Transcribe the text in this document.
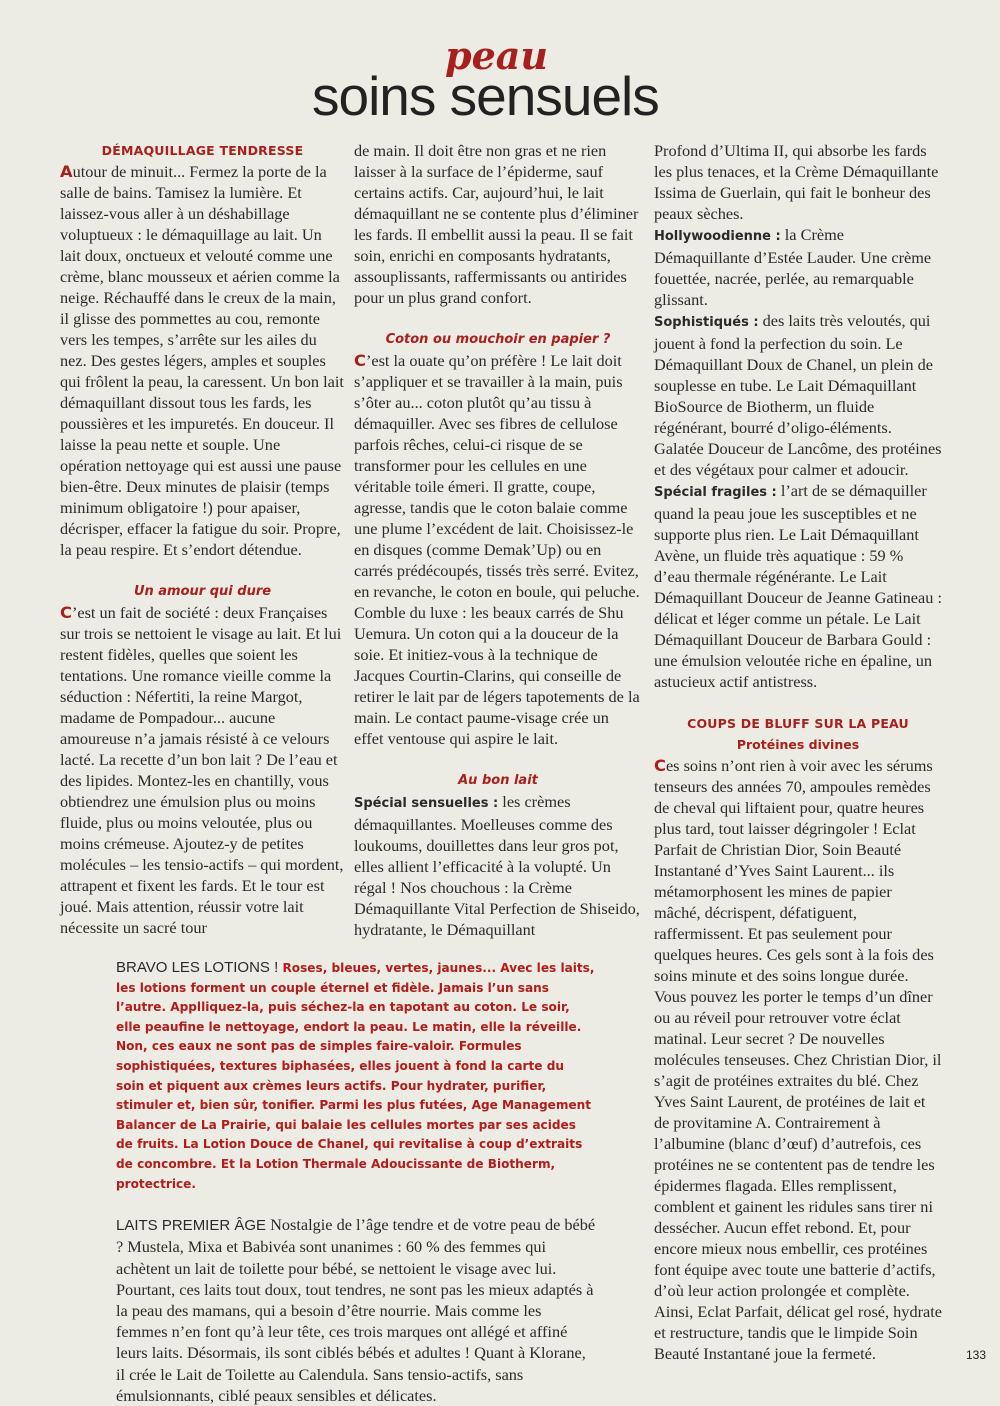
peau
soins sensuels

DÉMAQUILLAGE TENDRESSE

Autour de minuit... Fermez la porte de la salle de bains. Tamisez la lumière. Et laissez-vous aller à un déshabillage voluptueux : le démaquillage au lait. Un lait doux, onctueux et velouté comme une crème, blanc mousseux et aérien comme la neige. Réchauffé dans le creux de la main, il glisse des pommettes au cou, remonte vers les tempes, s’arrête sur les ailes du nez. Des gestes légers, amples et souples qui frôlent la peau, la caressent. Un bon lait démaquillant dissout tous les fards, les poussières et les impuretés. En douceur. Il laisse la peau nette et souple. Une opération nettoyage qui est aussi une pause bien-être. Deux minutes de plaisir (temps minimum obligatoire !) pour apaiser, décrisper, effacer la fatigue du soir. Propre, la peau respire. Et s’endort détendue.

Un amour qui dure

C’est un fait de société : deux Françaises sur trois se nettoient le visage au lait. Et lui restent fidèles, quelles que soient les tentations. Une romance vieille comme la séduction : Néfertiti, la reine Margot, madame de Pompadour... aucune amoureuse n’a jamais résisté à ce velours lacté. La recette d’un bon lait ? De l’eau et des lipides. Montez-les en chantilly, vous obtiendrez une émulsion plus ou moins fluide, plus ou moins veloutée, plus ou moins crémeuse. Ajoutez-y de petites molécules – les tensio-actifs – qui mordent, attrapent et fixent les fards. Et le tour est joué. Mais attention, réussir votre lait nécessite un sacré tour

de main. Il doit être non gras et ne rien laisser à la surface de l’épiderme, sauf certains actifs. Car, aujourd’hui, le lait démaquillant ne se contente plus d’éliminer les fards. Il embellit aussi la peau. Il se fait soin, enrichi en composants hydratants, assouplissants, raffermissants ou antirides pour un plus grand confort.

Coton ou mouchoir en papier ?

C’est la ouate qu’on préfère ! Le lait doit s’appliquer et se travailler à la main, puis s’ôter au... coton plutôt qu’au tissu à démaquiller. Avec ses fibres de cellulose parfois rêches, celui-ci risque de se transformer pour les cellules en une véritable toile émeri. Il gratte, coupe, agresse, tandis que le coton balaie comme une plume l’excédent de lait. Choisissez-le en disques (comme Demak’Up) ou en carrés prédécoupés, tissés très serré. Evitez, en revanche, le coton en boule, qui peluche. Comble du luxe : les beaux carrés de Shu Uemura. Un coton qui a la douceur de la soie. Et initiez-vous à la technique de Jacques Courtin-Clarins, qui conseille de retirer le lait par de légers tapotements de la main. Le contact paume-visage crée un effet ventouse qui aspire le lait.

Au bon lait

Spécial sensuelles : les crèmes démaquillantes. Moelleuses comme des loukoums, douillettes dans leur gros pot, elles allient l’efficacité à la volupté. Un régal ! Nos chouchous : la Crème Démaquillante Vital Perfection de Shiseido, hydratante, le Démaquillant

Profond d’Ultima II, qui absorbe les fards les plus tenaces, et la Crème Démaquillante Issima de Guerlain, qui fait le bonheur des peaux sèches.

Hollywoodienne : la Crème Démaquillante d’Estée Lauder. Une crème fouettée, nacrée, perlée, au remarquable glissant.

Sophistiqués : des laits très veloutés, qui jouent à fond la perfection du soin. Le Démaquillant Doux de Chanel, un plein de souplesse en tube. Le Lait Démaquillant BioSource de Biotherm, un fluide régénérant, bourré d’oligo-éléments. Galatée Douceur de Lancôme, des protéines et des végétaux pour calmer et adoucir.

Spécial fragiles : l’art de se démaquiller quand la peau joue les susceptibles et ne supporte plus rien. Le Lait Démaquillant Avène, un fluide très aquatique : 59 % d’eau thermale régénérante. Le Lait Démaquillant Douceur de Jeanne Gatineau : délicat et léger comme un pétale. Le Lait Démaquillant Douceur de Barbara Gould : une émulsion veloutée riche en épaline, un astucieux actif antistress.

COUPS DE BLUFF SUR LA PEAU

Protéines divines

Ces soins n’ont rien à voir avec les sérums tenseurs des années 70, ampoules remèdes de cheval qui liftaient pour, quatre heures plus tard, tout laisser dégringoler ! Eclat Parfait de Christian Dior, Soin Beauté Instantané d’Yves Saint Laurent... ils métamorphosent les mines de papier mâché, décrispent, défatiguent, raffermissent. Et pas seulement pour quelques heures. Ces gels sont à la fois des soins minute et des soins longue durée. Vous pouvez les porter le temps d’un dîner ou au réveil pour retrouver votre éclat matinal. Leur secret ? De nouvelles molécules tenseuses. Chez Christian Dior, il s’agit de protéines extraites du blé. Chez Yves Saint Laurent, de protéines de lait et de provitamine A. Contrairement à l’albumine (blanc d’œuf) d’autrefois, ces protéines ne se contentent pas de tendre les épidermes flagada. Elles remplissent, comblent et gainent les ridules sans tirer ni dessécher. Aucun effet rebond. Et, pour encore mieux nous embellir, ces protéines font équipe avec toute une batterie d’actifs, d’où leur action prolongée et complète. Ainsi, Eclat Parfait, délicat gel rosé, hydrate et restructure, tandis que le limpide Soin Beauté Instantané joue la fermeté.

BRAVO LES LOTIONS ! Roses, bleues, vertes, jaunes... Avec les laits, les lotions forment un couple éternel et fidèle. Jamais l’un sans l’autre. Applliquez-la, puis séchez-la en tapotant au coton. Le soir, elle peaufine le nettoyage, endort la peau. Le matin, elle la réveille. Non, ces eaux ne sont pas de simples faire-valoir. Formules sophistiquées, textures biphasées, elles jouent à fond la carte du soin et piquent aux crèmes leurs actifs. Pour hydrater, purifier, stimuler et, bien sûr, tonifier. Parmi les plus futées, Age Management Balancer de La Prairie, qui balaie les cellules mortes par ses acides de fruits. La Lotion Douce de Chanel, qui revitalise à coup d’extraits de concombre. Et la Lotion Thermale Adoucissante de Biotherm, protectrice.

LAITS PREMIER ÂGE Nostalgie de l’âge tendre et de votre peau de bébé ? Mustela, Mixa et Babivéa sont unanimes : 60 % des femmes qui achètent un lait de toilette pour bébé, se nettoient le visage avec lui. Pourtant, ces laits tout doux, tout tendres, ne sont pas les mieux adaptés à la peau des mamans, qui a besoin d’être nourrie. Mais comme les femmes n’en font qu’à leur tête, ces trois marques ont allégé et affiné leurs laits. Désormais, ils sont ciblés bébés et adultes ! Quant à Klorane, il crée le Lait de Toilette au Calendula. Sans tensio-actifs, sans émulsionnants, ciblé peaux sensibles et délicates.

133
